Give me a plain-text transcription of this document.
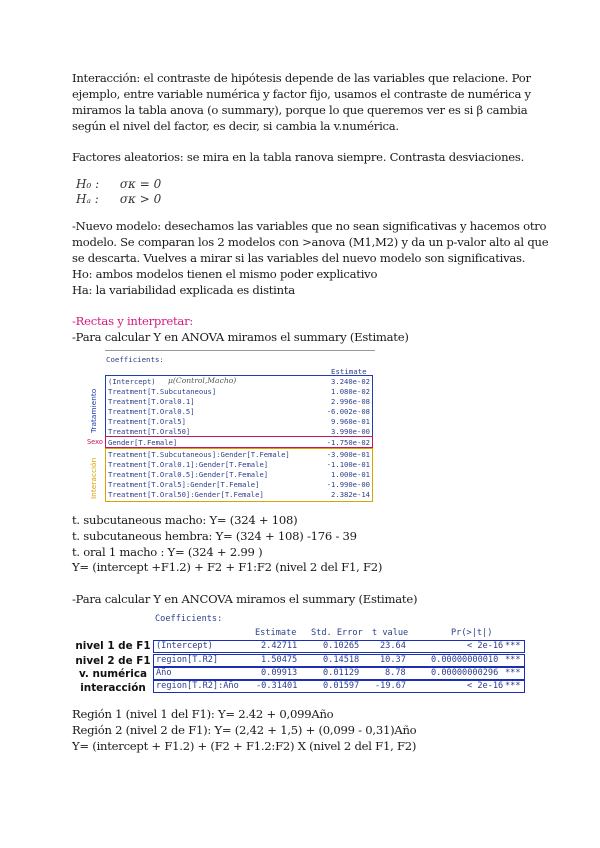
Interacción: el contraste de hipótesis depende de las variables que relacione. Por
ejemplo, entre variable numérica y factor fijo, usamos el contraste de numérica y
miramos la tabla anova (o summary), porque lo que queremos ver es si β cambia
según el nivel del factor, es decir, si cambia la v.numérica.
Factores aleatorios: se mira en la tabla ranova siempre. Contrasta desviaciones.
H₀ : σκ = 0
Hₐ : σκ > 0
-Nuevo modelo: desechamos las variables que no sean significativas y hacemos otro
modelo. Se comparan los 2 modelos con >anova (M1,M2) y da un p-valor alto al que
se descarta. Vuelves a mirar si las variables del nuevo modelo son significativas.
Ho: ambos modelos tienen el mismo poder explicativo
Ha: la variabilidad explicada es distinta
-Rectas y interpretar:
-Para calcular Y en ANOVA miramos el summary (Estimate)
Coefficients:
Estimate
(Intercept) μ(Control,Macho)	3.240e-02
Treatment[T.Subcutaneous]	1.080e-02
Treatment[T.Oral0.1]	2.996e-08
Treatment[T.Oral0.5]	-6.002e-08
Treatment[T.Oral5]	9.960e-01
Treatment[T.Oral50]	3.990e-00
Gender[T.Female]	-1.750e-02
Treatment[T.Subcutaneous]:Gender[T.Female]	-3.900e-01
Treatment[T.Oral0.1]:Gender[T.Female]	-1.100e-01
Treatment[T.Oral0.5]:Gender[T.Female]	1.000e-01
Treatment[T.Oral5]:Gender[T.Female]	-1.990e-00
Treatment[T.Oral50]:Gender[T.Female]	2.382e-14
Tratamiento
Sexo
Interacción
t. subcutaneous macho: Y= (324 + 108)
t. subcutaneous hembra: Y= (324 + 108) -176 - 39
t. oral 1 macho : Y= (324 + 2.99 )
Y= (intercept +F1.2) + F2 + F1:F2 (nivel 2 del F1, F2)
-Para calcular Y en ANCOVA miramos el summary (Estimate)
Coefficients:
Estimate Std. Error t value	Pr(>|t|)
nivel 1 de F1
nivel 2 de F1
v. numérica
interacción
(Intercept)	2.42711	0.10265 23.64	< 2e-16 ***
region[T.R2]	1.50475	0.14518 10.37	0.00000000010 ***
Año	0.09913	0.01129	8.78	0.00000000296 ***
region[T.R2]:Año -0.31401	0.01597 -19.67	< 2e-16 ***
Región 1 (nivel 1 del F1): Y= 2.42 + 0,099Año
Región 2 (nivel 2 de F1): Y= (2,42 + 1,5) + (0,099 - 0,31)Año
Y= (intercept + F1.2) + (F2 + F1.2:F2) X (nivel 2 del F1, F2)
